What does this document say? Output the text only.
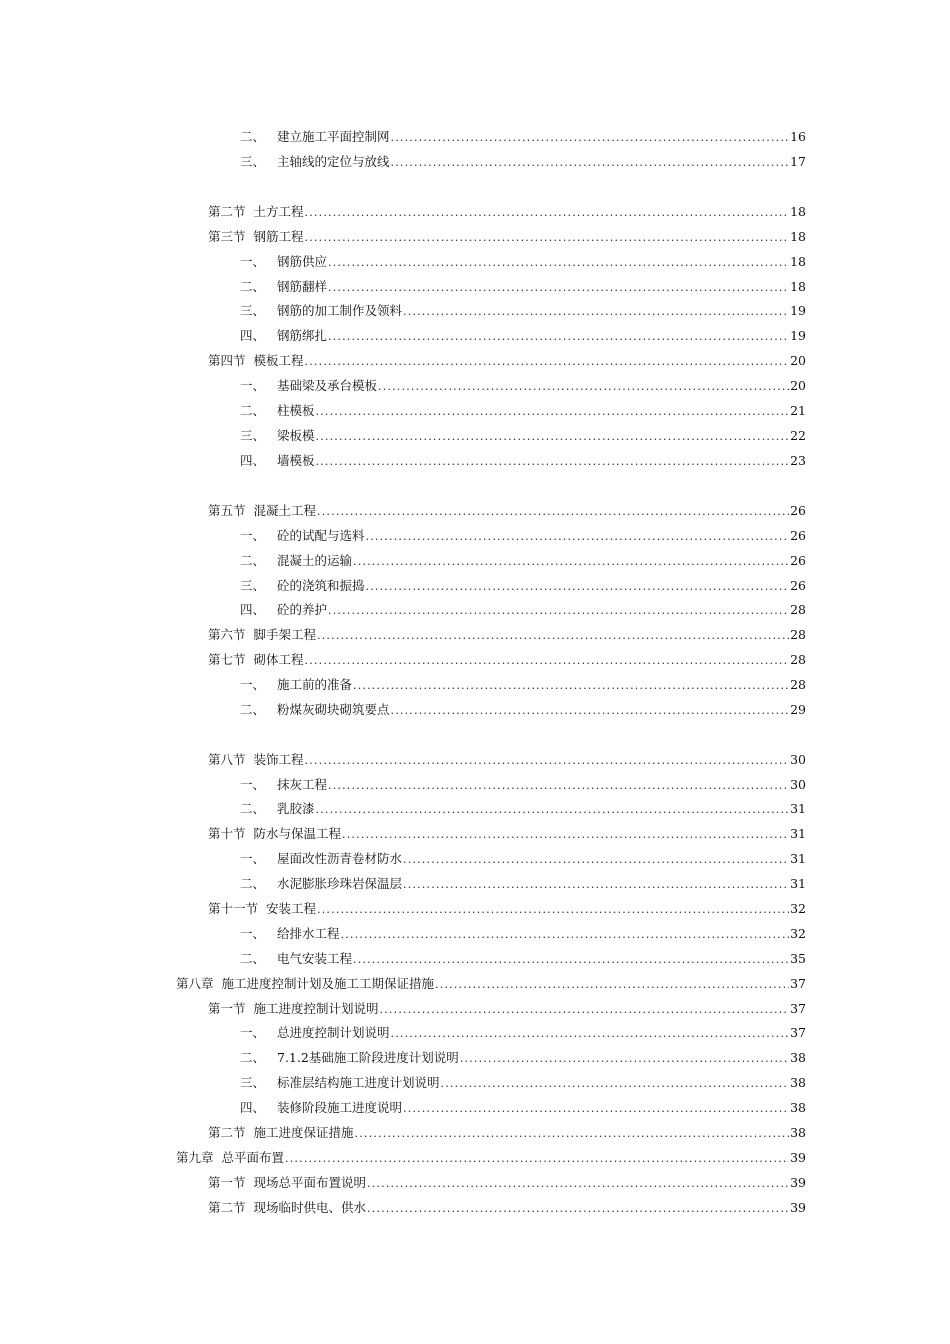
二、 建立施工平面控制网 .....	16
三、 主轴线的定位与放线 .....	17
第二节 土方工程 .....	18
第三节 钢筋工程 .....	18
一、 钢筋供应 .....	18
二、 钢筋翻样 .....	18
三、 钢筋的加工制作及领料 .....	19
四、 钢筋绑扎 .....	19
第四节 模板工程 .....	20
一、 基础梁及承台模板 .....	20
二、 柱模板 .....	21
三、 梁板模 .....	22
四、 墙模板 .....	23
第五节 混凝土工程 .....	26
一、 砼的试配与选料 .....	26
二、 混凝土的运输 .....	26
三、 砼的浇筑和振捣 .....	26
四、 砼的养护 .....	28
第六节 脚手架工程 .....	28
第七节 砌体工程 .....	28
一、 施工前的准备 .....	28
二、 粉煤灰砌块砌筑要点 .....	29
第八节 装饰工程 .....	30
一、 抹灰工程 .....	30
二、 乳胶漆 .....	31
第十节 防水与保温工程 .....	31
一、 屋面改性沥青卷材防水 .....	31
二、 水泥膨胀珍珠岩保温层 .....	31
第十一节 安装工程 .....	32
一、 给排水工程 .....	32
二、 电气安装工程 .....	35
第八章 施工进度控制计划及施工工期保证措施 .....	37
第一节 施工进度控制计划说明 .....	37
一、 总进度控制计划说明 .....	37
二、 7.1.2基础施工阶段进度计划说明 .....	38
三、 标准层结构施工进度计划说明 .....	38
四、 装修阶段施工进度说明 .....	38
第二节 施工进度保证措施 .....	38
第九章 总平面布置 .....	39
第一节 现场总平面布置说明 .....	39
第二节 现场临时供电、供水 .....	39
